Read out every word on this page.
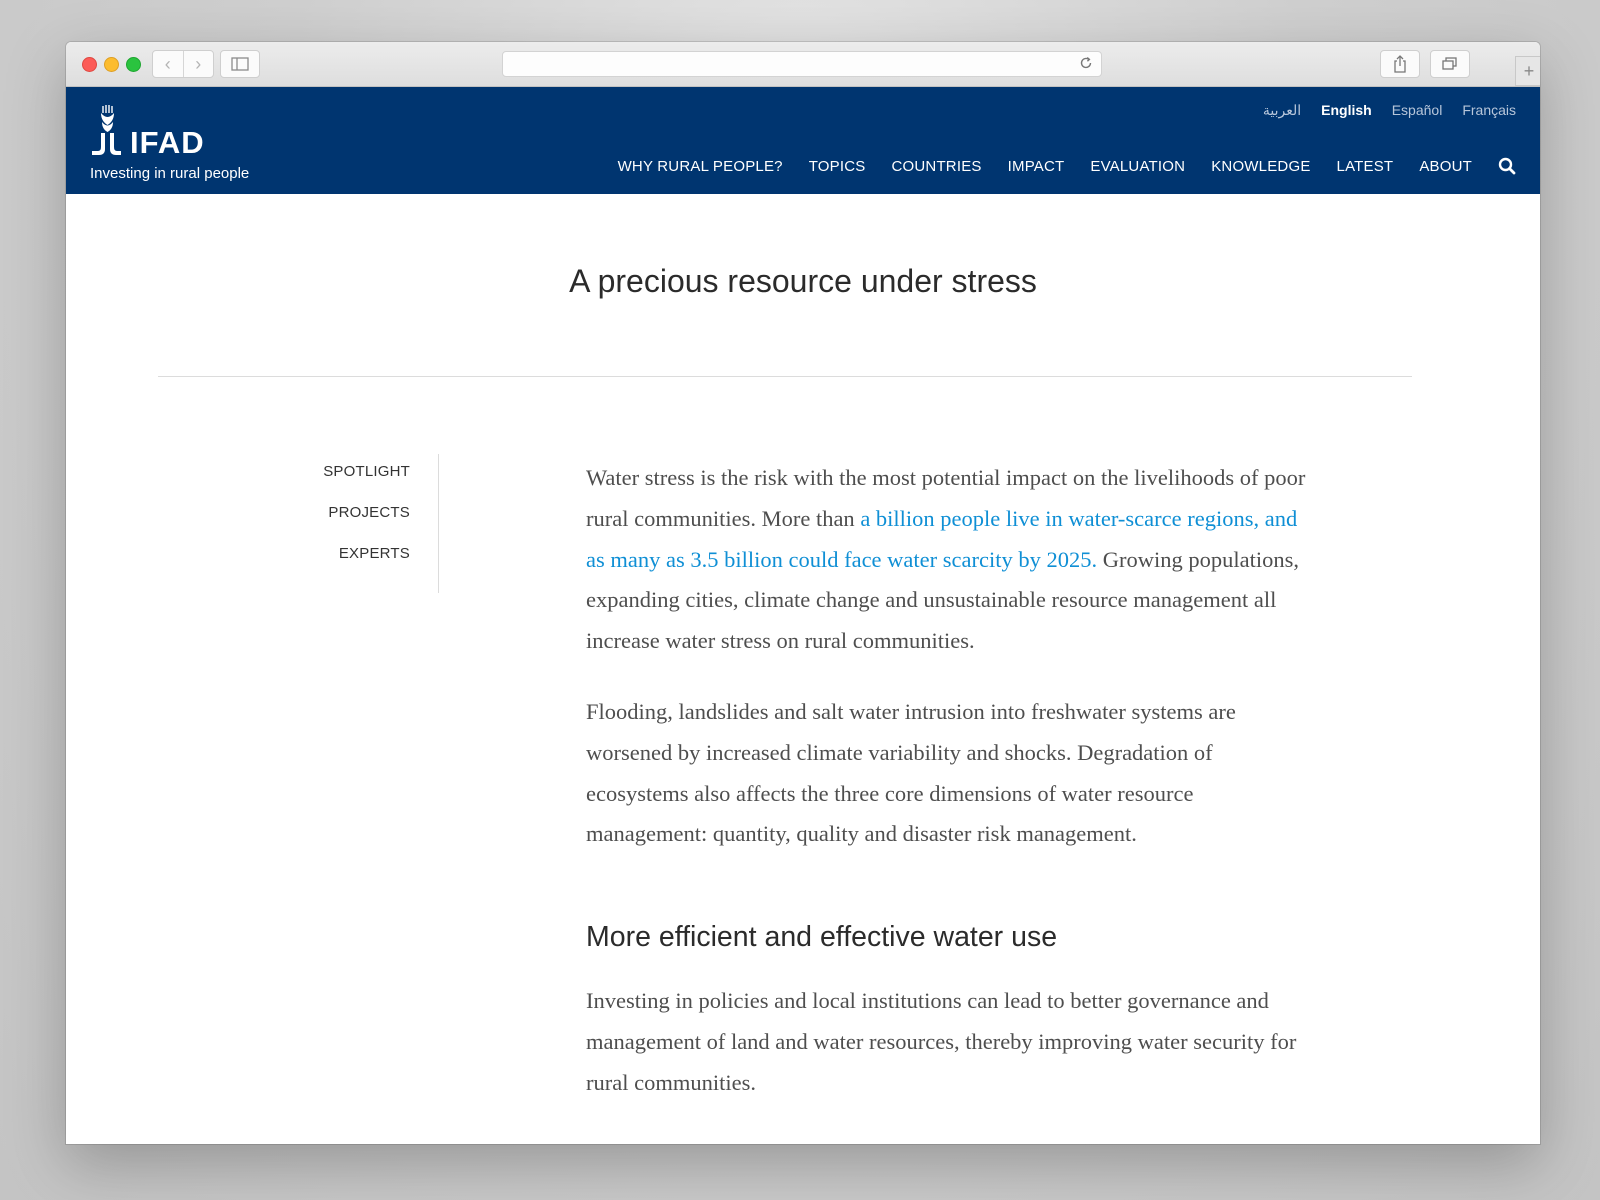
‹	›	+
IFAD
Investing in rural people
العربية English Español Français
WHY RURAL PEOPLE? TOPICS COUNTRIES IMPACT EVALUATION KNOWLEDGE LATEST ABOUT
A precious resource under stress
SPOTLIGHT
PROJECTS
EXPERTS

Water stress is the risk with the most potential impact on the livelihoods of poor rural communities. More than a billion people live in water-scarce regions, and as many as 3.5 billion could face water scarcity by 2025. Growing populations, expanding cities, climate change and unsustainable resource management all increase water stress on rural communities.

Flooding, landslides and salt water intrusion into freshwater systems are worsened by increased climate variability and shocks. Degradation of ecosystems also affects the three core dimensions of water resource management: quantity, quality and disaster risk management.

More efficient and effective water use

Investing in policies and local institutions can lead to better governance and management of land and water resources, thereby improving water security for rural communities.
